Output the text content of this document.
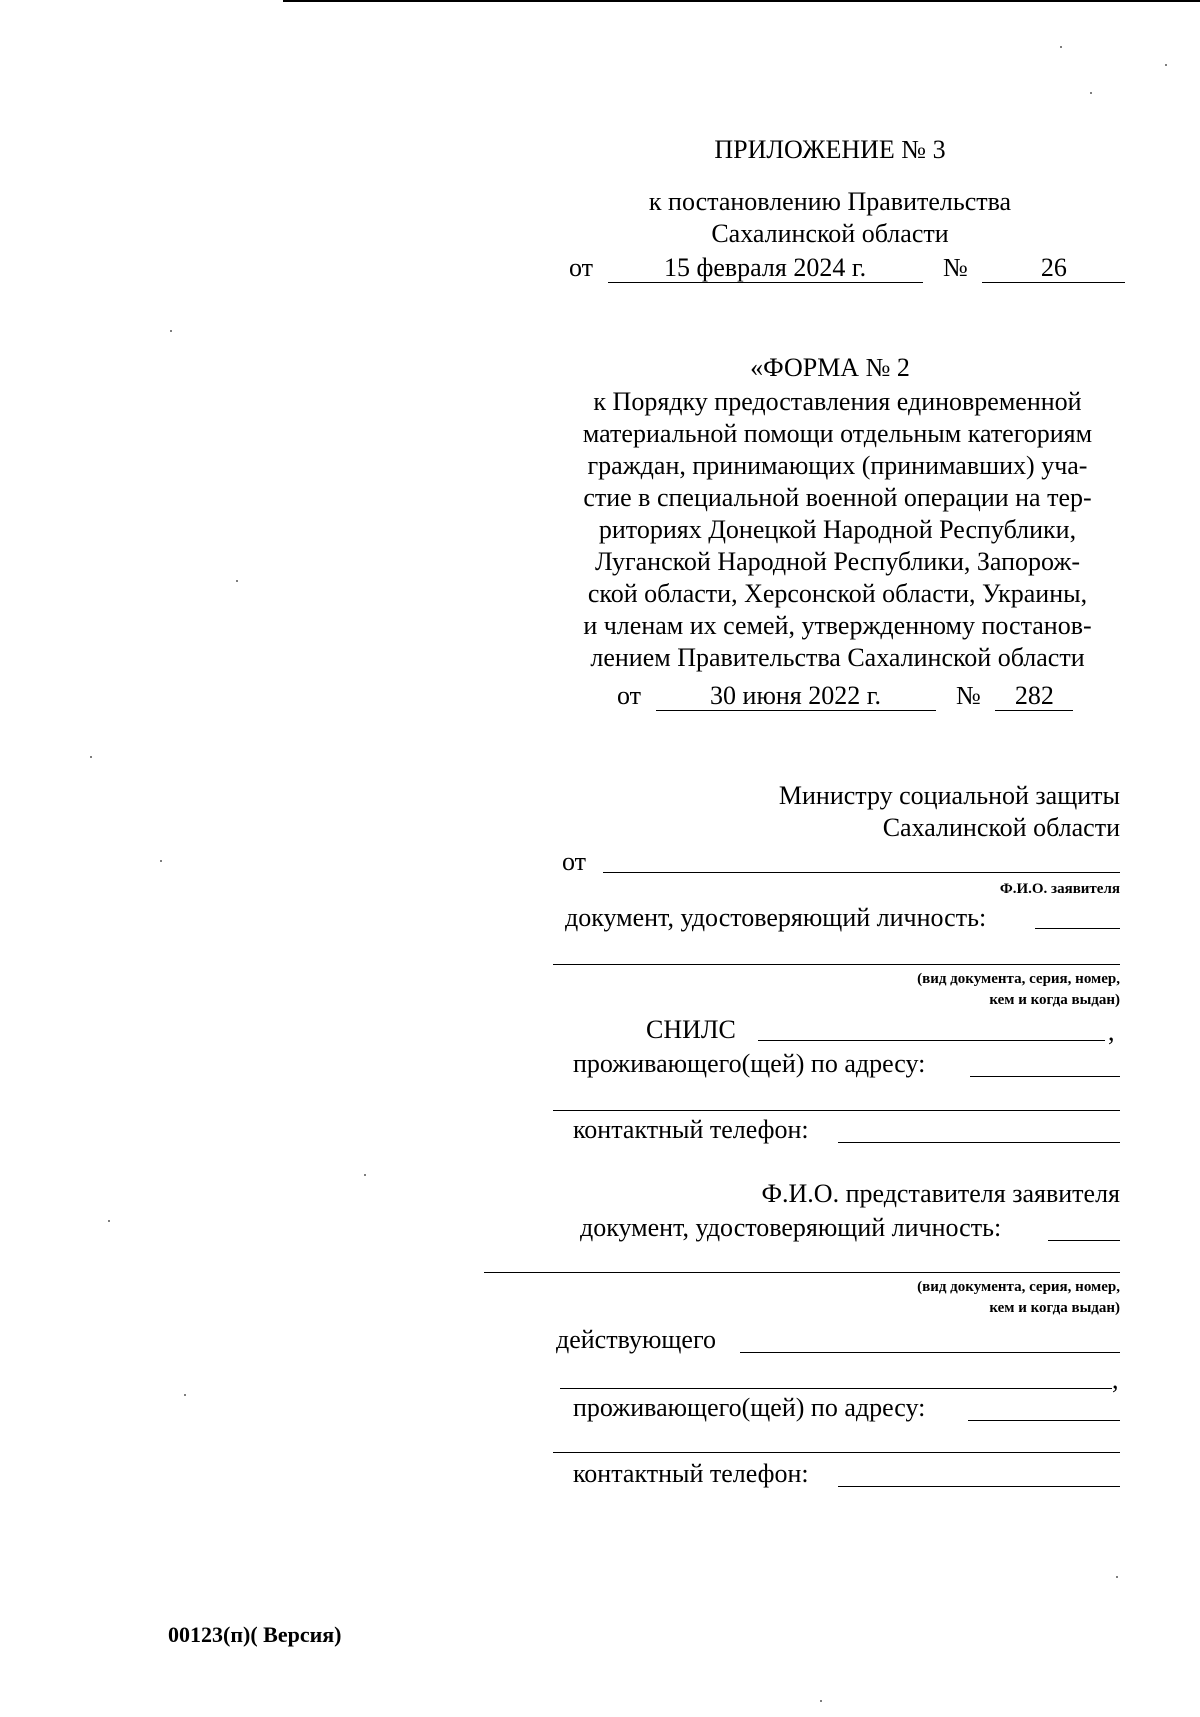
ПРИЛОЖЕНИЕ № 3
к постановлению Правительства
Сахалинской области
от	15 февраля 2024 г.	№	26
«ФОРМА № 2
к Порядку предоставления единовременной
материальной помощи отдельным категориям
граждан, принимающих (принимавших) уча-
стие в специальной военной операции на тер-
риториях Донецкой Народной Республики,
Луганской Народной Республики, Запорож-
ской области, Херсонской области, Украины,
и членам их семей, утвержденному постанов-
лением Правительства Сахалинской области
от	30 июня 2022 г.	№ 282
Министру социальной защиты
Сахалинской области
от
Ф.И.О. заявителя
документ, удостоверяющий личность:
(вид документа, серия, номер,
кем и когда выдан)
СНИЛС	,
проживающего(щей) по адресу:
контактный телефон:
Ф.И.О. представителя заявителя
документ, удостоверяющий личность:
(вид документа, серия, номер,
кем и когда выдан)
действующего
,
проживающего(щей) по адресу:
контактный телефон:
00123(п)( Версия)
